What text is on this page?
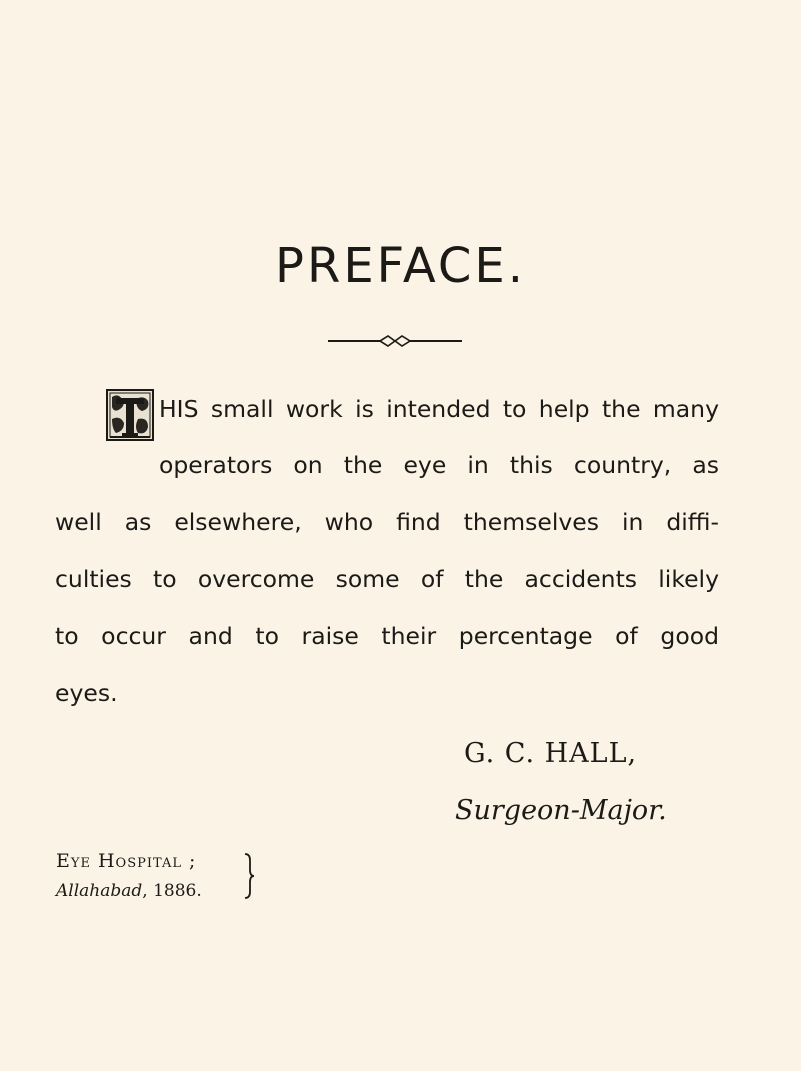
PREFACE.

HIS small work is intended to help the many

operators on the eye in this country, as

well as elsewhere, who find themselves in diffi-

culties to overcome some of the accidents likely

to occur and to raise their percentage of good

eyes.

G. C. HALL,

Surgeon-Major.

Eye Hospital ;
Allahabad, 1886.
